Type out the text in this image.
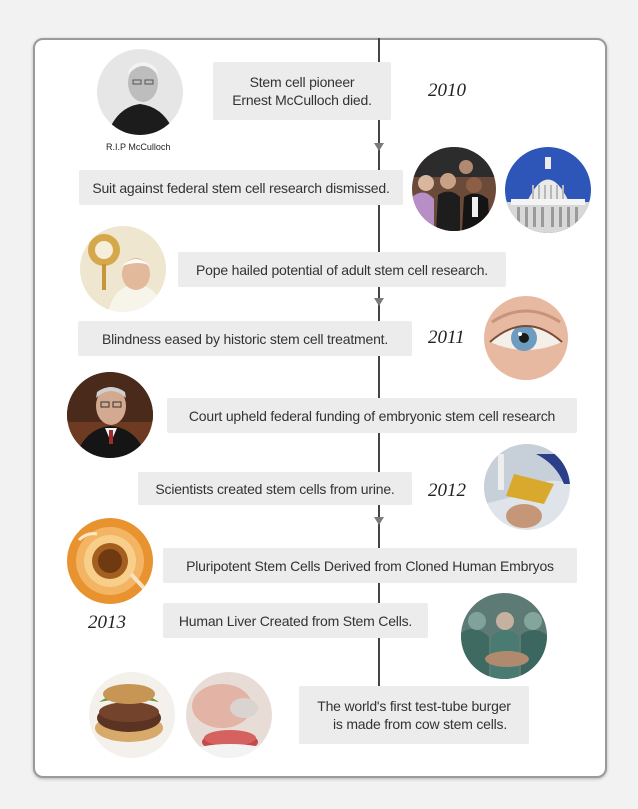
2010
2011
2012
2013
Stem cell pioneer
Ernest McCulloch died.
Suit against federal stem cell research dismissed.
Pope hailed potential of adult stem cell research.
Blindness eased by historic stem cell treatment.
Court upheld federal funding of embryonic stem cell research
Scientists created stem cells from urine.
Pluripotent Stem Cells Derived from Cloned Human Embryos
Human Liver Created from Stem Cells.
The world's first test-tube burger
is made from cow stem cells.
R.I.P McCulloch
